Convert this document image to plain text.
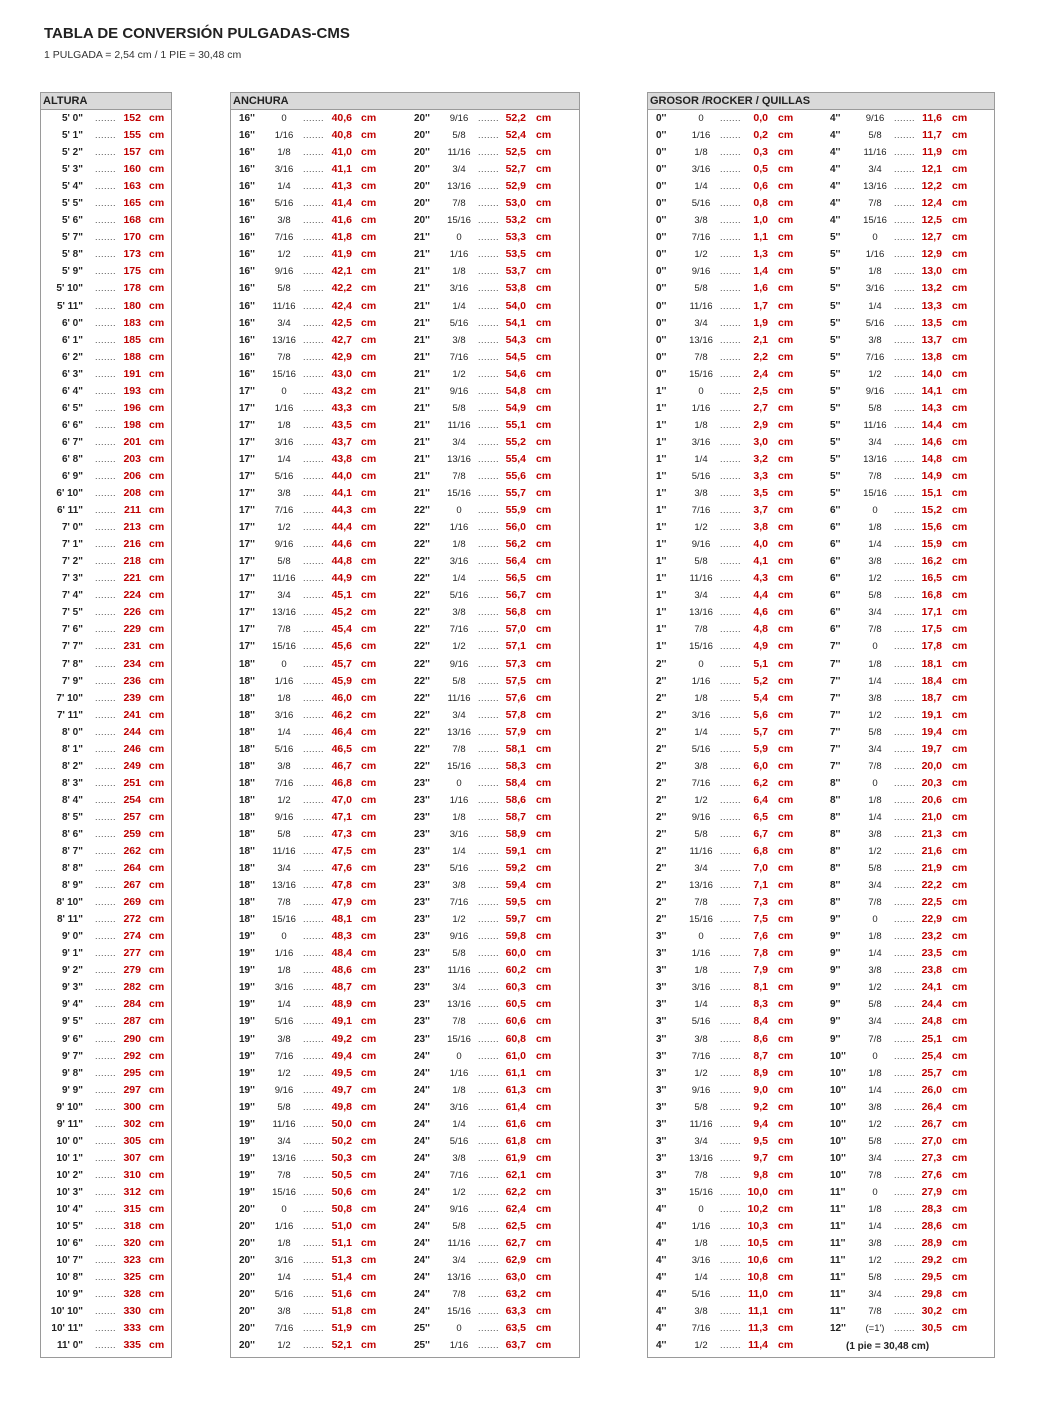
TABLA DE CONVERSIÓN PULGADAS-CMS
1 PULGADA = 2,54 cm / 1 PIE = 30,48 cm
ALTURA
5' 0" ....... 152 cm
5' 1" ....... 155 cm
5' 2" ....... 157 cm
5' 3" ....... 160 cm
5' 4" ....... 163 cm
5' 5" ....... 165 cm
5' 6" ....... 168 cm
5' 7" ....... 170 cm
5' 8" ....... 173 cm
5' 9" ....... 175 cm
5' 10" ....... 178 cm
5' 11" ....... 180 cm
6' 0" ....... 183 cm
6' 1" ....... 185 cm
6' 2" ....... 188 cm
6' 3" ....... 191 cm
6' 4" ....... 193 cm
6' 5" ....... 196 cm
6' 6" ....... 198 cm
6' 7" ....... 201 cm
6' 8" ....... 203 cm
6' 9" ....... 206 cm
6' 10" ....... 208 cm
6' 11" ....... 211 cm
7' 0" ....... 213 cm
7' 1" ....... 216 cm
7' 2" ....... 218 cm
7' 3" ....... 221 cm
7' 4" ....... 224 cm
7' 5" ....... 226 cm
7' 6" ....... 229 cm
7' 7" ....... 231 cm
7' 8" ....... 234 cm
7' 9" ....... 236 cm
7' 10" ....... 239 cm
7' 11" ....... 241 cm
8' 0" ....... 244 cm
8' 1" ....... 246 cm
8' 2" ....... 249 cm
8' 3" ....... 251 cm
8' 4" ....... 254 cm
8' 5" ....... 257 cm
8' 6" ....... 259 cm
8' 7" ....... 262 cm
8' 8" ....... 264 cm
8' 9" ....... 267 cm
8' 10" ....... 269 cm
8' 11" ....... 272 cm
9' 0" ....... 274 cm
9' 1" ....... 277 cm
9' 2" ....... 279 cm
9' 3" ....... 282 cm
9' 4" ....... 284 cm
9' 5" ....... 287 cm
9' 6" ....... 290 cm
9' 7" ....... 292 cm
9' 8" ....... 295 cm
9' 9" ....... 297 cm
9' 10" ....... 300 cm
9' 11" ....... 302 cm
10' 0" ....... 305 cm
10' 1" ....... 307 cm
10' 2" ....... 310 cm
10' 3" ....... 312 cm
10' 4" ....... 315 cm
10' 5" ....... 318 cm
10' 6" ....... 320 cm
10' 7" ....... 323 cm
10' 8" ....... 325 cm
10' 9" ....... 328 cm
10' 10" ....... 330 cm
10' 11" ....... 333 cm
11' 0" ....... 335 cm
ANCHURA
16''	0	....... 40,6 cm
16''	1/16	....... 40,8 cm
16''	1/8	....... 41,0 cm
16''	3/16	....... 41,1 cm
16''	1/4	....... 41,3 cm
16''	5/16	....... 41,4 cm
16''	3/8	....... 41,6 cm
16''	7/16	....... 41,8 cm
16''	1/2	....... 41,9 cm
16''	9/16	....... 42,1 cm
16''	5/8	....... 42,2 cm
16''	11/16 ....... 42,4 cm
16''	3/4	....... 42,5 cm
16''	13/16 ....... 42,7 cm
16''	7/8	....... 42,9 cm
16''	15/16 ....... 43,0 cm
17''	0	....... 43,2 cm
17''	1/16	....... 43,3 cm
17''	1/8	....... 43,5 cm
17''	3/16	....... 43,7 cm
17''	1/4	....... 43,8 cm
17''	5/16	....... 44,0 cm
17''	3/8	....... 44,1 cm
17''	7/16	....... 44,3 cm
17''	1/2	....... 44,4 cm
17''	9/16	....... 44,6 cm
17''	5/8	....... 44,8 cm
17''	11/16 ....... 44,9 cm
17''	3/4	....... 45,1 cm
17''	13/16 ....... 45,2 cm
17''	7/8	....... 45,4 cm
17''	15/16 ....... 45,6 cm
18''	0	....... 45,7 cm
18''	1/16	....... 45,9 cm
18''	1/8	....... 46,0 cm
18''	3/16	....... 46,2 cm
18''	1/4	....... 46,4 cm
18''	5/16	....... 46,5 cm
18''	3/8	....... 46,7 cm
18''	7/16	....... 46,8 cm
18''	1/2	....... 47,0 cm
18''	9/16	....... 47,1 cm
18''	5/8	....... 47,3 cm
18''	11/16 ....... 47,5 cm
18''	3/4	....... 47,6 cm
18''	13/16 ....... 47,8 cm
18''	7/8	....... 47,9 cm
18''	15/16 ....... 48,1 cm
19''	0	....... 48,3 cm
19''	1/16	....... 48,4 cm
19''	1/8	....... 48,6 cm
19''	3/16	....... 48,7 cm
19''	1/4	....... 48,9 cm
19''	5/16	....... 49,1 cm
19''	3/8	....... 49,2 cm
19''	7/16	....... 49,4 cm
19''	1/2	....... 49,5 cm
19''	9/16	....... 49,7 cm
19''	5/8	....... 49,8 cm
19''	11/16 ....... 50,0 cm
19''	3/4	....... 50,2 cm
19''	13/16 ....... 50,3 cm
19''	7/8	....... 50,5 cm
19''	15/16 ....... 50,6 cm
20''	0	....... 50,8 cm
20''	1/16	....... 51,0 cm
20''	1/8	....... 51,1 cm
20''	3/16	....... 51,3 cm
20''	1/4	....... 51,4 cm
20''	5/16	....... 51,6 cm
20''	3/8	....... 51,8 cm
20''	7/16	....... 51,9 cm
20''	1/2	....... 52,1 cm
20''	9/16	....... 52,2 cm
20''	5/8	....... 52,4 cm
20''	11/16 ....... 52,5 cm
20''	3/4	....... 52,7 cm
20''	13/16 ....... 52,9 cm
20''	7/8	....... 53,0 cm
20''	15/16 ....... 53,2 cm
21''	0	....... 53,3 cm
21''	1/16	....... 53,5 cm
21''	1/8	....... 53,7 cm
21''	3/16	....... 53,8 cm
21''	1/4	....... 54,0 cm
21''	5/16	....... 54,1 cm
21''	3/8	....... 54,3 cm
21''	7/16	....... 54,5 cm
21''	1/2	....... 54,6 cm
21''	9/16	....... 54,8 cm
21''	5/8	....... 54,9 cm
21''	11/16 ....... 55,1 cm
21''	3/4	....... 55,2 cm
21''	13/16 ....... 55,4 cm
21''	7/8	....... 55,6 cm
21''	15/16 ....... 55,7 cm
22''	0	....... 55,9 cm
22''	1/16	....... 56,0 cm
22''	1/8	....... 56,2 cm
22''	3/16	....... 56,4 cm
22''	1/4	....... 56,5 cm
22''	5/16	....... 56,7 cm
22''	3/8	....... 56,8 cm
22''	7/16	....... 57,0 cm
22''	1/2	....... 57,1 cm
22''	9/16	....... 57,3 cm
22''	5/8	....... 57,5 cm
22''	11/16 ....... 57,6 cm
22''	3/4	....... 57,8 cm
22''	13/16 ....... 57,9 cm
22''	7/8	....... 58,1 cm
22''	15/16 ....... 58,3 cm
23''	0	....... 58,4 cm
23''	1/16	....... 58,6 cm
23''	1/8	....... 58,7 cm
23''	3/16	....... 58,9 cm
23''	1/4	....... 59,1 cm
23''	5/16	....... 59,2 cm
23''	3/8	....... 59,4 cm
23''	7/16	....... 59,5 cm
23''	1/2	....... 59,7 cm
23''	9/16	....... 59,8 cm
23''	5/8	....... 60,0 cm
23''	11/16 ....... 60,2 cm
23''	3/4	....... 60,3 cm
23''	13/16 ....... 60,5 cm
23''	7/8	....... 60,6 cm
23''	15/16 ....... 60,8 cm
24''	0	....... 61,0 cm
24''	1/16	....... 61,1 cm
24''	1/8	....... 61,3 cm
24''	3/16	....... 61,4 cm
24''	1/4	....... 61,6 cm
24''	5/16	....... 61,8 cm
24''	3/8	....... 61,9 cm
24''	7/16	....... 62,1 cm
24''	1/2	....... 62,2 cm
24''	9/16	....... 62,4 cm
24''	5/8	....... 62,5 cm
24''	11/16 ....... 62,7 cm
24''	3/4	....... 62,9 cm
24''	13/16 ....... 63,0 cm
24''	7/8	....... 63,2 cm
24''	15/16 ....... 63,3 cm
25''	0	....... 63,5 cm
25''	1/16	....... 63,7 cm
GROSOR /ROCKER / QUILLAS
0''	0	....... 0,0 cm
0''	1/16	....... 0,2 cm
0''	1/8	....... 0,3 cm
0''	3/16	....... 0,5 cm
0''	1/4	....... 0,6 cm
0''	5/16	....... 0,8 cm
0''	3/8	....... 1,0 cm
0''	7/16	....... 1,1 cm
0''	1/2	....... 1,3 cm
0''	9/16	....... 1,4 cm
0''	5/8	....... 1,6 cm
0''	11/16 ....... 1,7 cm
0''	3/4	....... 1,9 cm
0''	13/16 ....... 2,1 cm
0''	7/8	....... 2,2 cm
0''	15/16 ....... 2,4 cm
1''	0	....... 2,5 cm
1''	1/16	....... 2,7 cm
1''	1/8	....... 2,9 cm
1''	3/16	....... 3,0 cm
1''	1/4	....... 3,2 cm
1''	5/16	....... 3,3 cm
1''	3/8	....... 3,5 cm
1''	7/16	....... 3,7 cm
1''	1/2	....... 3,8 cm
1''	9/16	....... 4,0 cm
1''	5/8	....... 4,1 cm
1''	11/16 ....... 4,3 cm
1''	3/4	....... 4,4 cm
1''	13/16 ....... 4,6 cm
1''	7/8	....... 4,8 cm
1''	15/16 ....... 4,9 cm
2''	0	....... 5,1 cm
2''	1/16	....... 5,2 cm
2''	1/8	....... 5,4 cm
2''	3/16	....... 5,6 cm
2''	1/4	....... 5,7 cm
2''	5/16	....... 5,9 cm
2''	3/8	....... 6,0 cm
2''	7/16	....... 6,2 cm
2''	1/2	....... 6,4 cm
2''	9/16	....... 6,5 cm
2''	5/8	....... 6,7 cm
2''	11/16 ....... 6,8 cm
2''	3/4	....... 7,0 cm
2''	13/16 ....... 7,1 cm
2''	7/8	....... 7,3 cm
2''	15/16 ....... 7,5 cm
3''	0	....... 7,6 cm
3''	1/16	....... 7,8 cm
3''	1/8	....... 7,9 cm
3''	3/16	....... 8,1 cm
3''	1/4	....... 8,3 cm
3''	5/16	....... 8,4 cm
3''	3/8	....... 8,6 cm
3''	7/16	....... 8,7 cm
3''	1/2	....... 8,9 cm
3''	9/16	....... 9,0 cm
3''	5/8	....... 9,2 cm
3''	11/16 ....... 9,4 cm
3''	3/4	....... 9,5 cm
3''	13/16 ....... 9,7 cm
3''	7/8	....... 9,8 cm
3''	15/16 ....... 10,0 cm
4''	0	....... 10,2 cm
4''	1/16	....... 10,3 cm
4''	1/8	....... 10,5 cm
4''	3/16	....... 10,6 cm
4''	1/4	....... 10,8 cm
4''	5/16	....... 11,0 cm
4''	3/8	....... 11,1 cm
4''	7/16	....... 11,3 cm
4''	1/2	....... 11,4 cm
4''	9/16	....... 11,6 cm
4''	5/8	....... 11,7 cm
4''	11/16 ....... 11,9 cm
4''	3/4	....... 12,1 cm
4''	13/16 ....... 12,2 cm
4''	7/8	....... 12,4 cm
4''	15/16 ....... 12,5 cm
5''	0	....... 12,7 cm
5''	1/16	....... 12,9 cm
5''	1/8	....... 13,0 cm
5''	3/16	....... 13,2 cm
5''	1/4	....... 13,3 cm
5''	5/16	....... 13,5 cm
5''	3/8	....... 13,7 cm
5''	7/16	....... 13,8 cm
5''	1/2	....... 14,0 cm
5''	9/16	....... 14,1 cm
5''	5/8	....... 14,3 cm
5''	11/16 ....... 14,4 cm
5''	3/4	....... 14,6 cm
5''	13/16 ....... 14,8 cm
5''	7/8	....... 14,9 cm
5''	15/16 ....... 15,1 cm
6''	0	....... 15,2 cm
6''	1/8	....... 15,6 cm
6''	1/4	....... 15,9 cm
6''	3/8	....... 16,2 cm
6''	1/2	....... 16,5 cm
6''	5/8	....... 16,8 cm
6''	3/4	....... 17,1 cm
6''	7/8	....... 17,5 cm
7''	0	....... 17,8 cm
7''	1/8	....... 18,1 cm
7''	1/4	....... 18,4 cm
7''	3/8	....... 18,7 cm
7''	1/2	....... 19,1 cm
7''	5/8	....... 19,4 cm
7''	3/4	....... 19,7 cm
7''	7/8	....... 20,0 cm
8''	0	....... 20,3 cm
8''	1/8	....... 20,6 cm
8''	1/4	....... 21,0 cm
8''	3/8	....... 21,3 cm
8''	1/2	....... 21,6 cm
8''	5/8	....... 21,9 cm
8''	3/4	....... 22,2 cm
8''	7/8	....... 22,5 cm
9''	0	....... 22,9 cm
9''	1/8	....... 23,2 cm
9''	1/4	....... 23,5 cm
9''	3/8	....... 23,8 cm
9''	1/2	....... 24,1 cm
9''	5/8	....... 24,4 cm
9''	3/4	....... 24,8 cm
9''	7/8	....... 25,1 cm
10''	0	....... 25,4 cm
10''	1/8	....... 25,7 cm
10''	1/4	....... 26,0 cm
10''	3/8	....... 26,4 cm
10''	1/2	....... 26,7 cm
10''	5/8	....... 27,0 cm
10''	3/4	....... 27,3 cm
10''	7/8	....... 27,6 cm
11''	0	....... 27,9 cm
11''	1/8	....... 28,3 cm
11''	1/4	....... 28,6 cm
11''	3/8	....... 28,9 cm
11''	1/2	....... 29,2 cm
11''	5/8	....... 29,5 cm
11''	3/4	....... 29,8 cm
11''	7/8	....... 30,2 cm
12''	(=1')	....... 30,5 cm
(1 pie = 30,48 cm)
